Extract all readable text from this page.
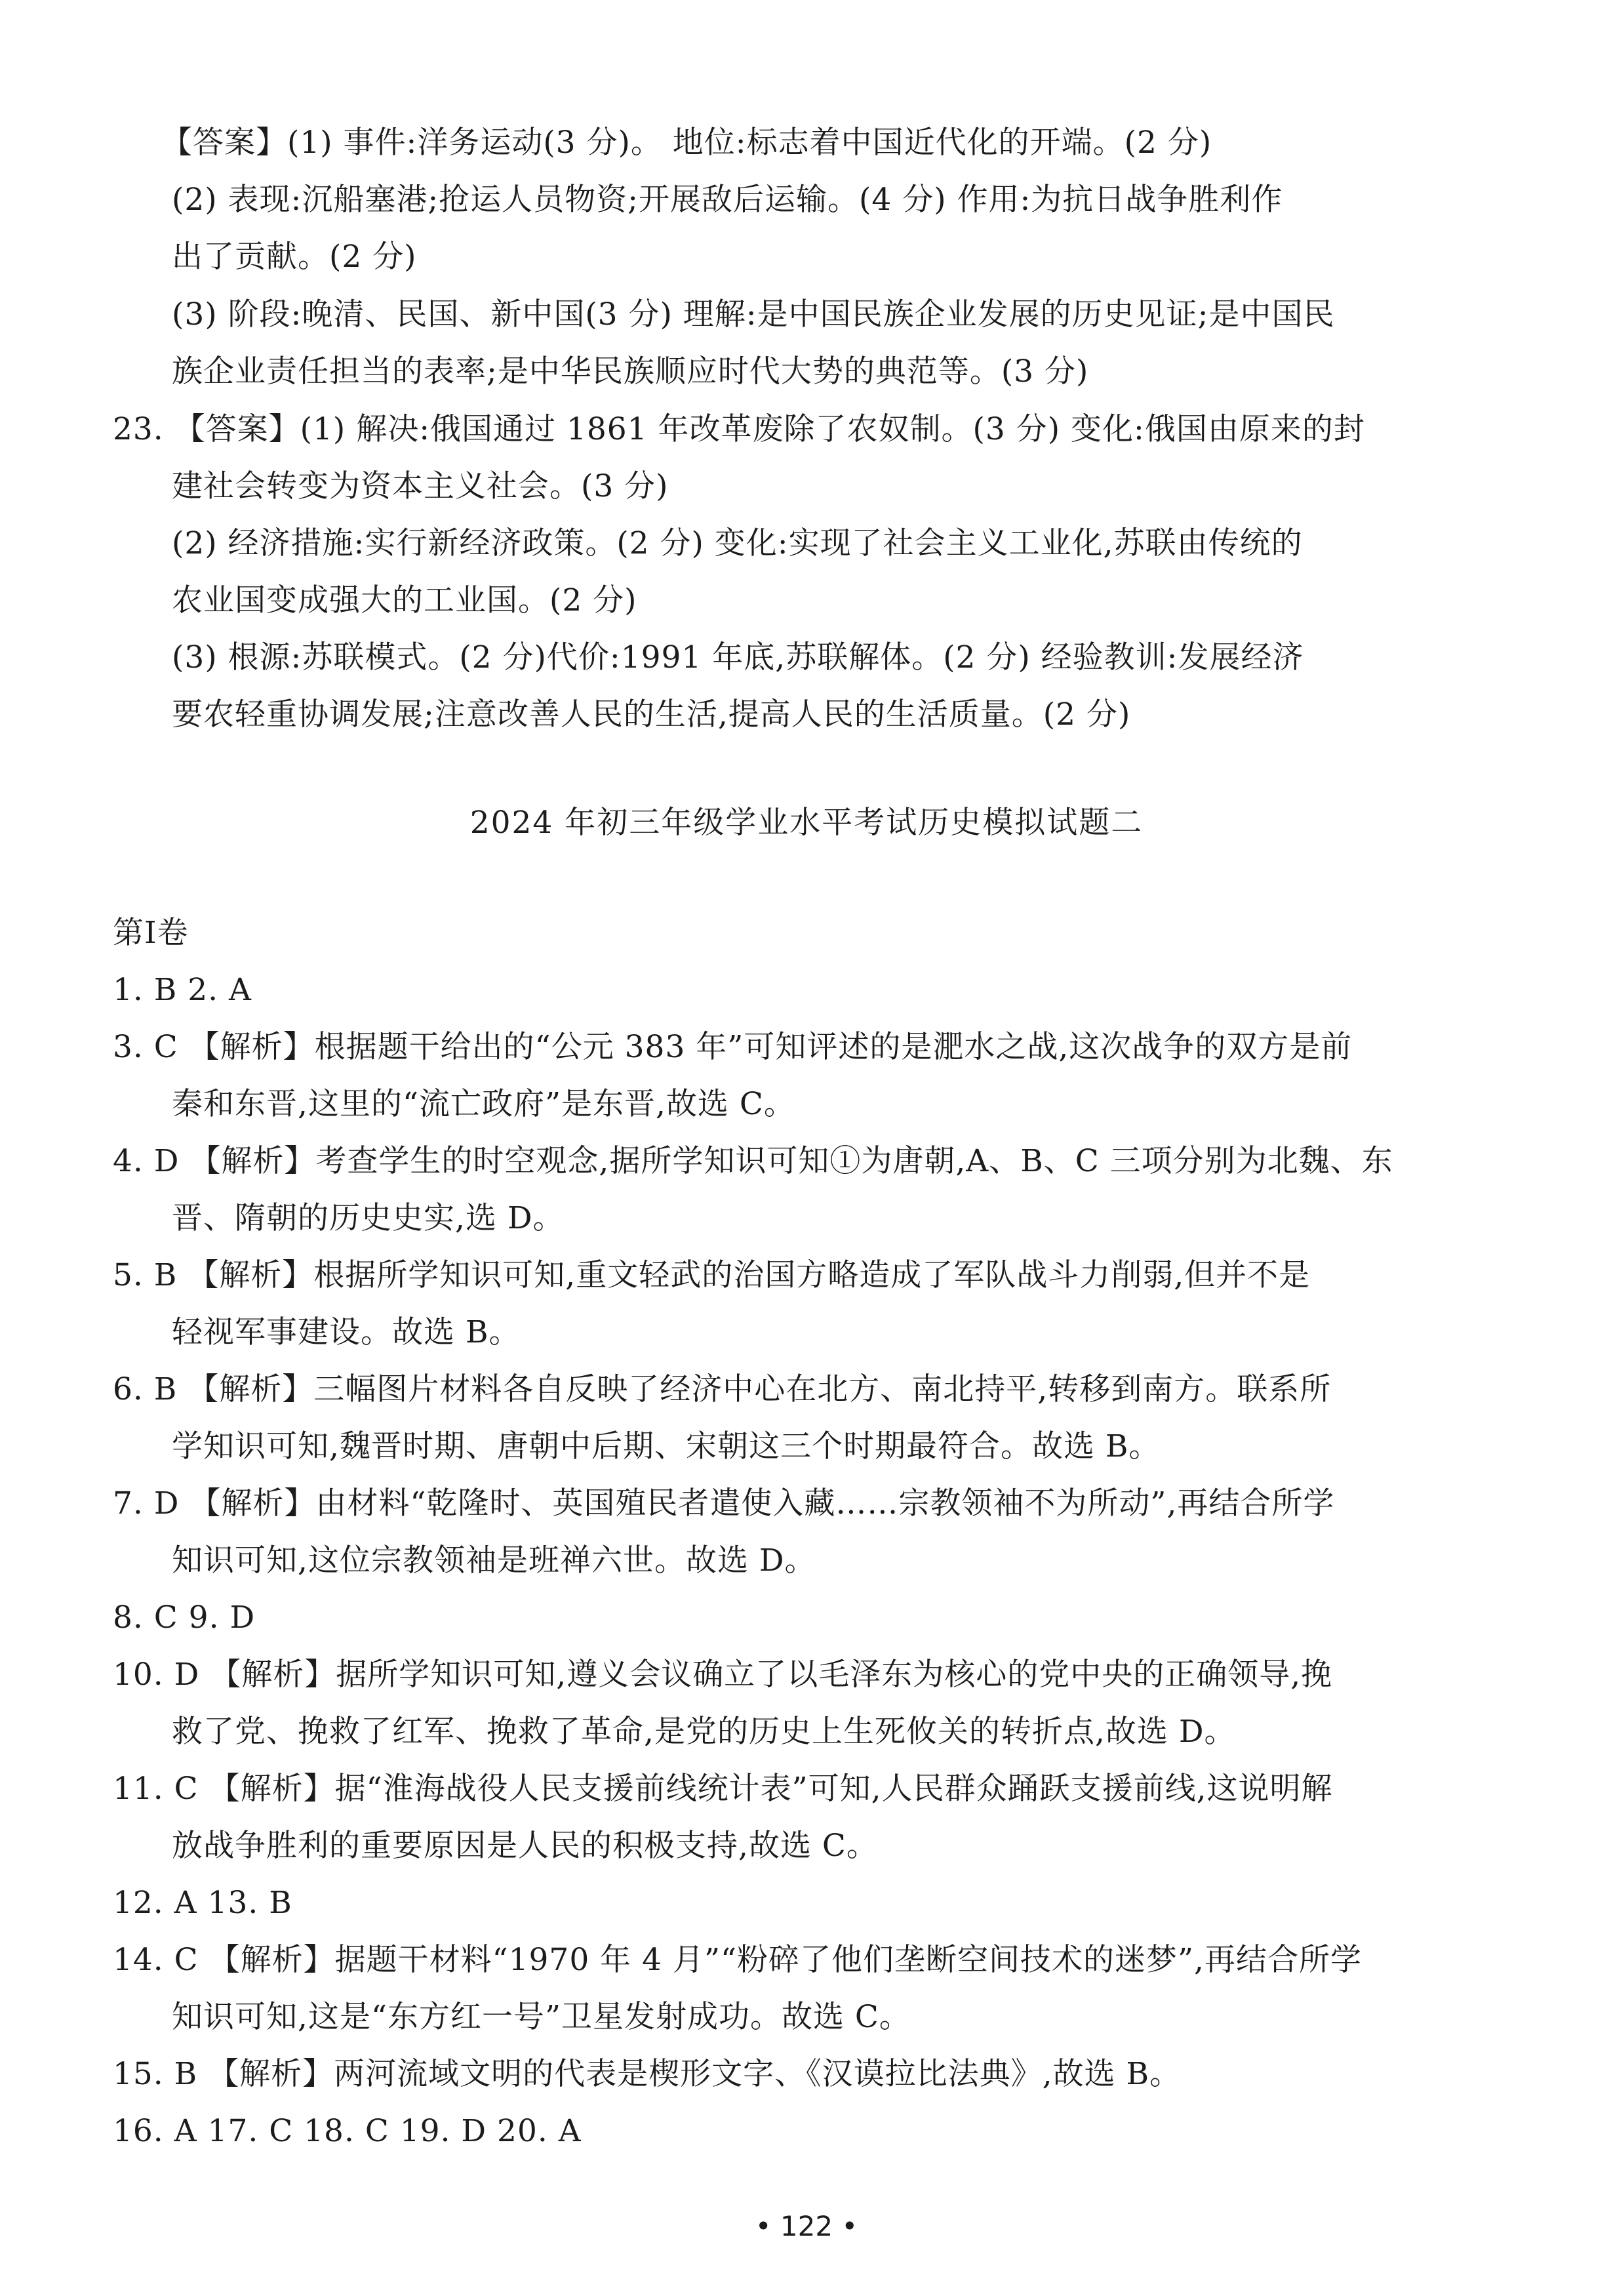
【答案】(1) 事件:洋务运动(3 分)。 地位:标志着中国近代化的开端。(2 分)
(2) 表现:沉船塞港;抢运人员物资;开展敌后运输。(4 分) 作用:为抗日战争胜利作
出了贡献。(2 分)
(3) 阶段:晚清、民国、新中国(3 分) 理解:是中国民族企业发展的历史见证;是中国民
族企业责任担当的表率;是中华民族顺应时代大势的典范等。(3 分)
23. 【答案】(1) 解决:俄国通过 1861 年改革废除了农奴制。(3 分) 变化:俄国由原来的封
建社会转变为资本主义社会。(3 分)
(2) 经济措施:实行新经济政策。(2 分) 变化:实现了社会主义工业化,苏联由传统的
农业国变成强大的工业国。(2 分)
(3) 根源:苏联模式。(2 分)代价:1991 年底,苏联解体。(2 分) 经验教训:发展经济
要农轻重协调发展;注意改善人民的生活,提高人民的生活质量。(2 分)
2024 年初三年级学业水平考试历史模拟试题二
第Ⅰ卷
1. B 2. A
3. C 【解析】根据题干给出的“公元 383 年”可知评述的是淝水之战,这次战争的双方是前
秦和东晋,这里的“流亡政府”是东晋,故选 C。
4. D 【解析】考查学生的时空观念,据所学知识可知①为唐朝,A、B、C 三项分别为北魏、东
晋、隋朝的历史史实,选 D。
5. B 【解析】根据所学知识可知,重文轻武的治国方略造成了军队战斗力削弱,但并不是
轻视军事建设。故选 B。
6. B 【解析】三幅图片材料各自反映了经济中心在北方、南北持平,转移到南方。联系所
学知识可知,魏晋时期、唐朝中后期、宋朝这三个时期最符合。故选 B。
7. D 【解析】由材料“乾隆时、英国殖民者遣使入藏……宗教领袖不为所动”,再结合所学
知识可知,这位宗教领袖是班禅六世。故选 D。
8. C 9. D
10. D 【解析】据所学知识可知,遵义会议确立了以毛泽东为核心的党中央的正确领导,挽
救了党、挽救了红军、挽救了革命,是党的历史上生死攸关的转折点,故选 D。
11. C 【解析】据“淮海战役人民支援前线统计表”可知,人民群众踊跃支援前线,这说明解
放战争胜利的重要原因是人民的积极支持,故选 C。
12. A 13. B
14. C 【解析】据题干材料“1970 年 4 月”“粉碎了他们垄断空间技术的迷梦”,再结合所学
知识可知,这是“东方红一号”卫星发射成功。故选 C。
15. B 【解析】两河流域文明的代表是楔形文字、《汉谟拉比法典》,故选 B。
16. A 17. C 18. C 19. D 20. A
• 122 •
